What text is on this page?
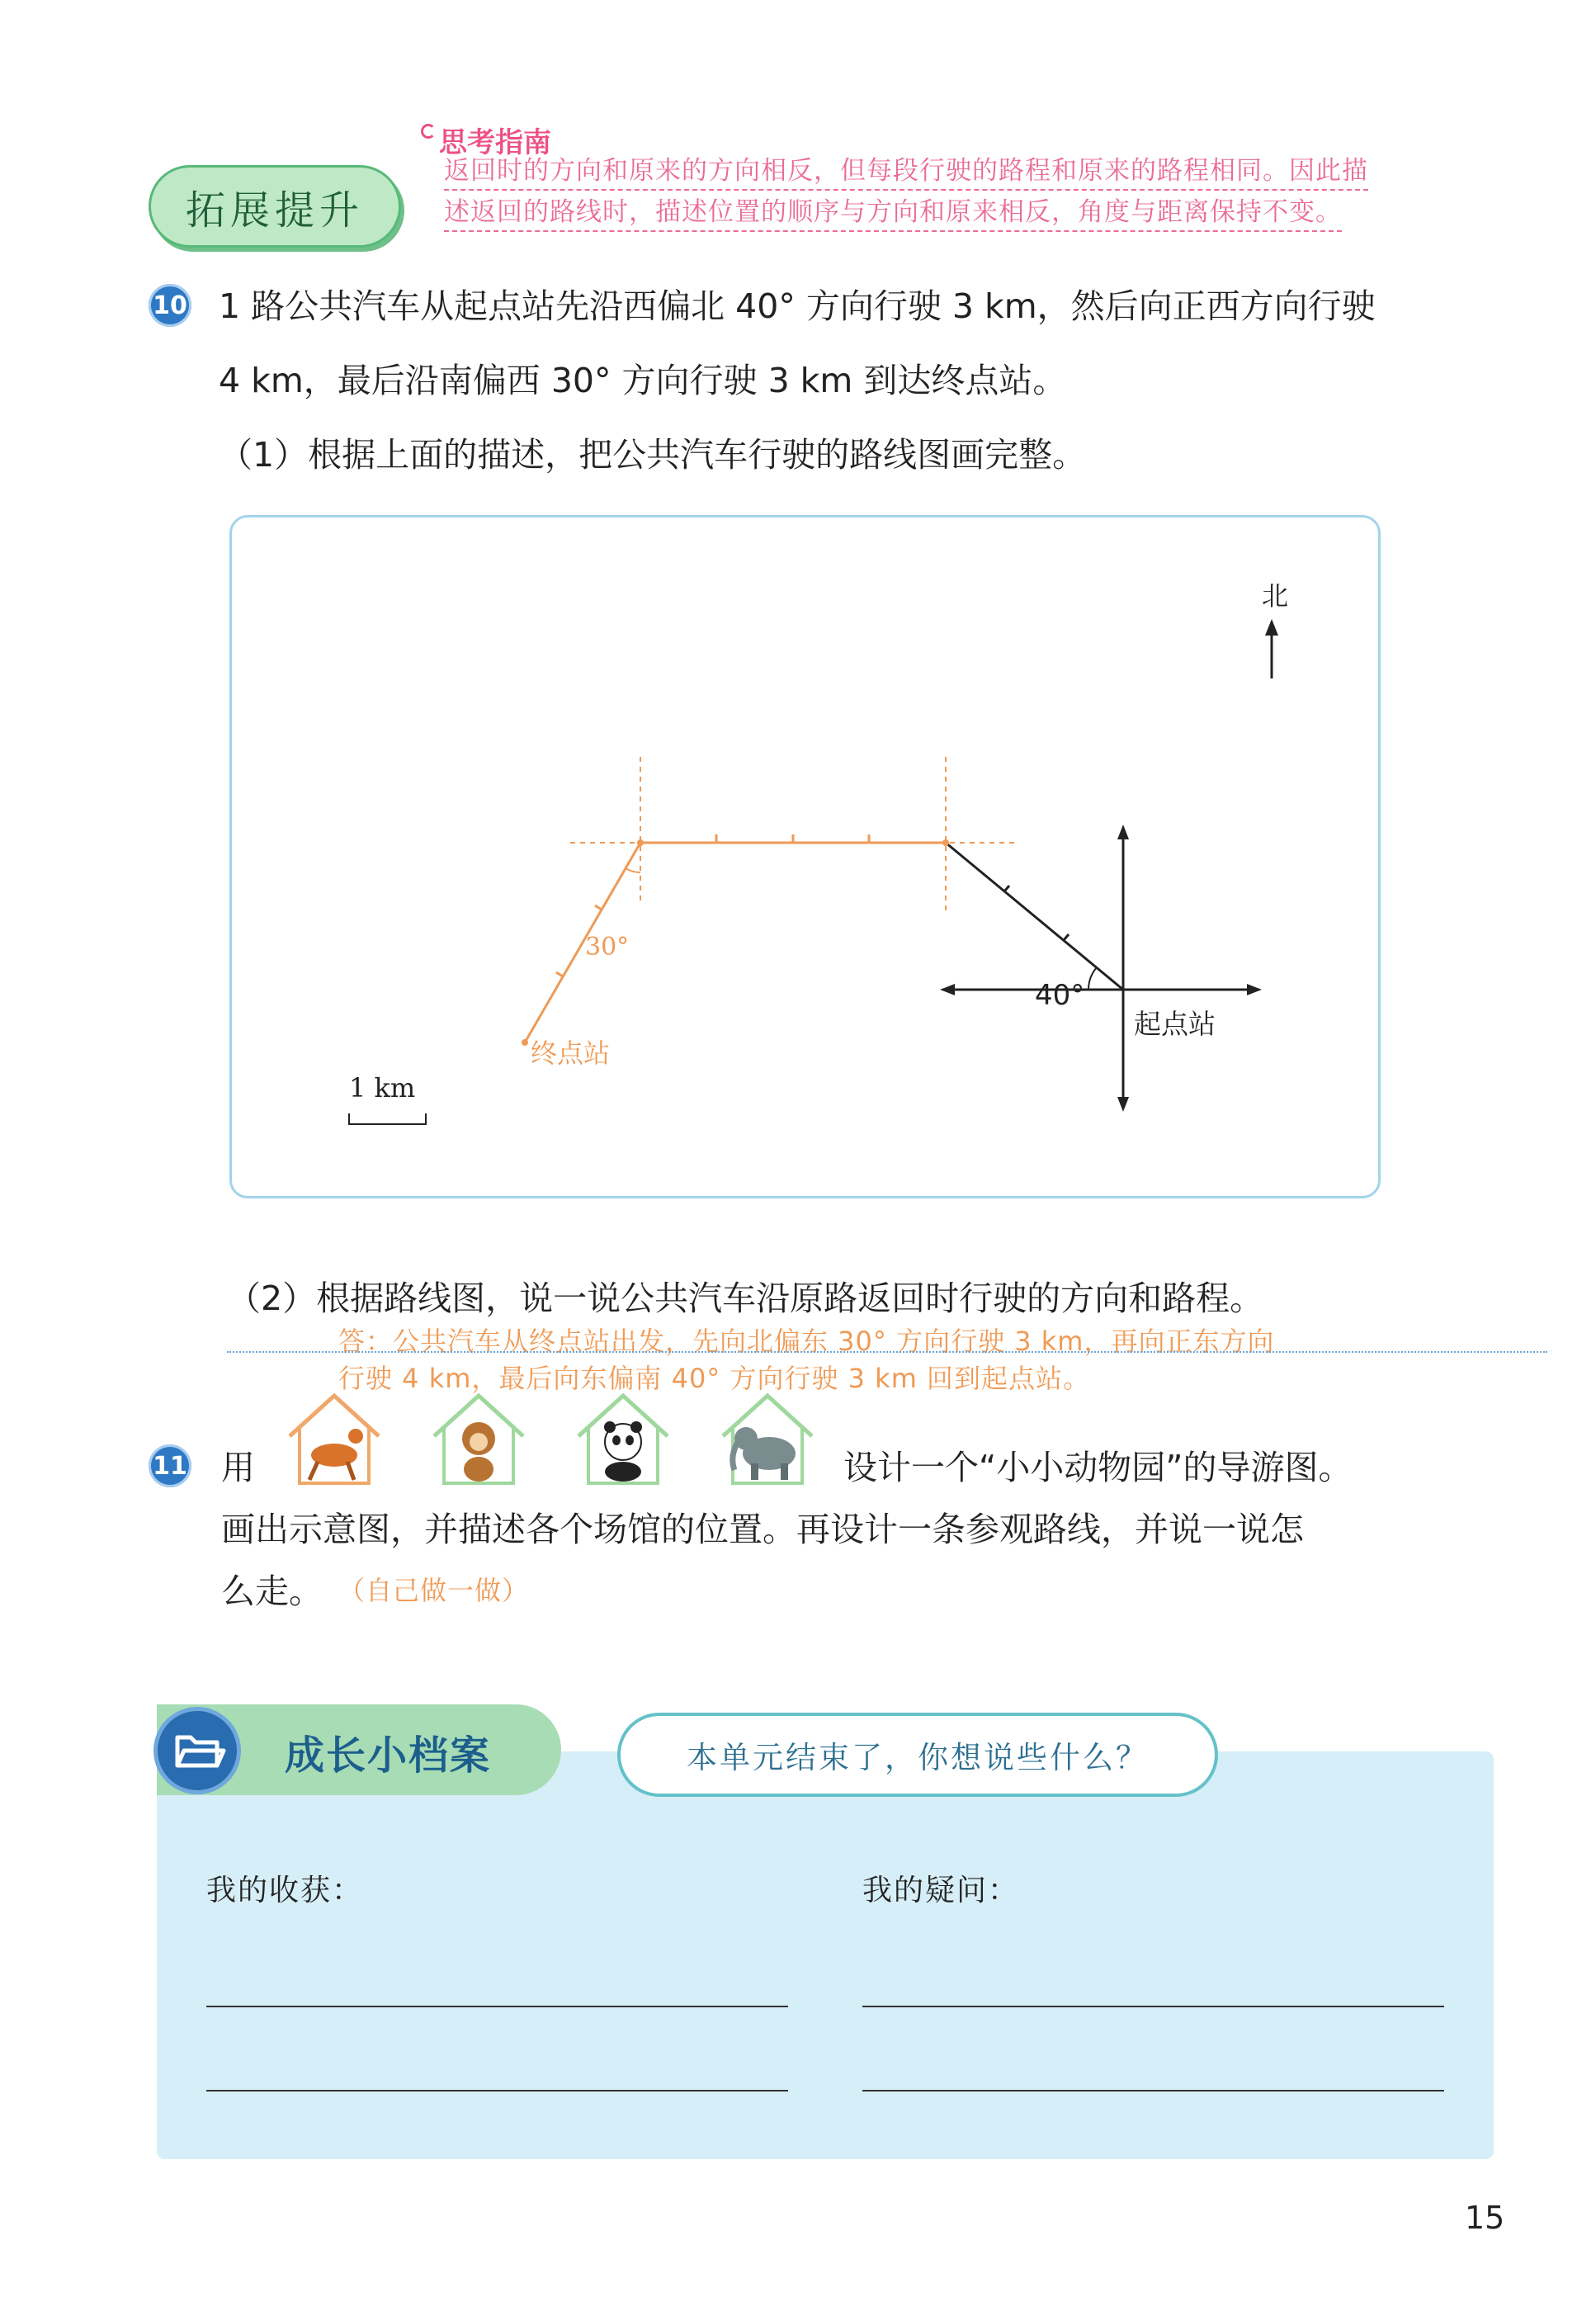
拓展提升
思考指南
返回时的方向和原来的方向相反，但每段行驶的路程和原来的路程相同。因此描
述返回的路线时，描述位置的顺序与方向和原来相反，角度与距离保持不变。
10 1 路公共汽车从起点站先沿西偏北 40° 方向行驶 3 km，然后向正西方向行驶
4 km，最后沿南偏西 30° 方向行驶 3 km 到达终点站。
（1）根据上面的描述，把公共汽车行驶的路线图画完整。
北
40°
起点站
30°
终点站
1 km
（2）根据路线图，说一说公共汽车沿原路返回时行驶的方向和路程。
答：公共汽车从终点站出发，先向北偏东 30° 方向行驶 3 km，再向正东方向
行驶 4 km，最后向东偏南 40° 方向行驶 3 km 回到起点站。
11 用	设计一个“小小动物园”的导游图。
画出示意图，并描述各个场馆的位置。再设计一条参观路线，并说一说怎
么走。 （自己做一做）
成长小档案	本单元结束了，你想说些什么？
我的收获：	我的疑问：
15
